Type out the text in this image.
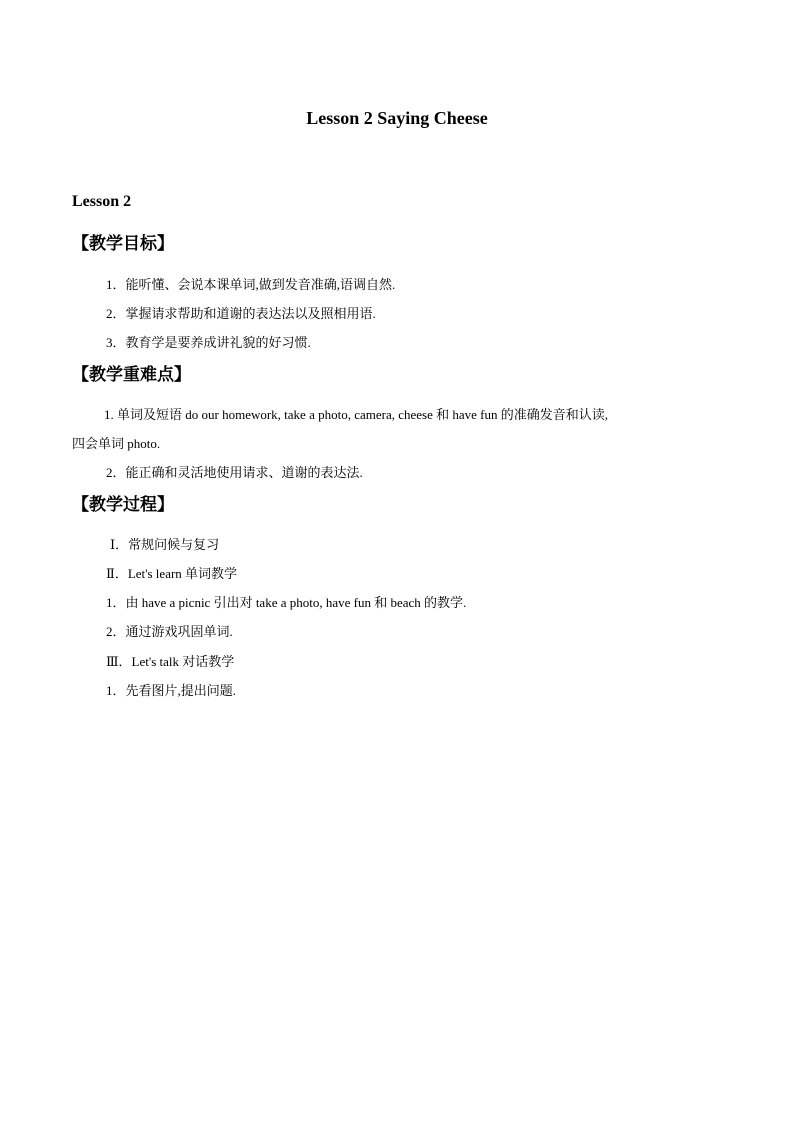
Lesson 2 Saying Cheese
Lesson 2
【教学目标】
1．能听懂、会说本课单词,做到发音准确,语调自然.
2．掌握请求帮助和道谢的表达法以及照相用语.
3．教育学是要养成讲礼貌的好习惯.
【教学重难点】
1. 单词及短语 do our homework, take a photo, camera, cheese 和 have fun 的准确发音和认读,
四会单词 photo.
2．能正确和灵活地使用请求、道谢的表达法.
【教学过程】
Ⅰ．常规问候与复习
Ⅱ．Let's learn 单词教学
1．由 have a picnic 引出对 take a photo, have fun 和 beach 的教学.
2．通过游戏巩固单词.
Ⅲ．Let's talk 对话教学
1．先看图片,提出问题.
